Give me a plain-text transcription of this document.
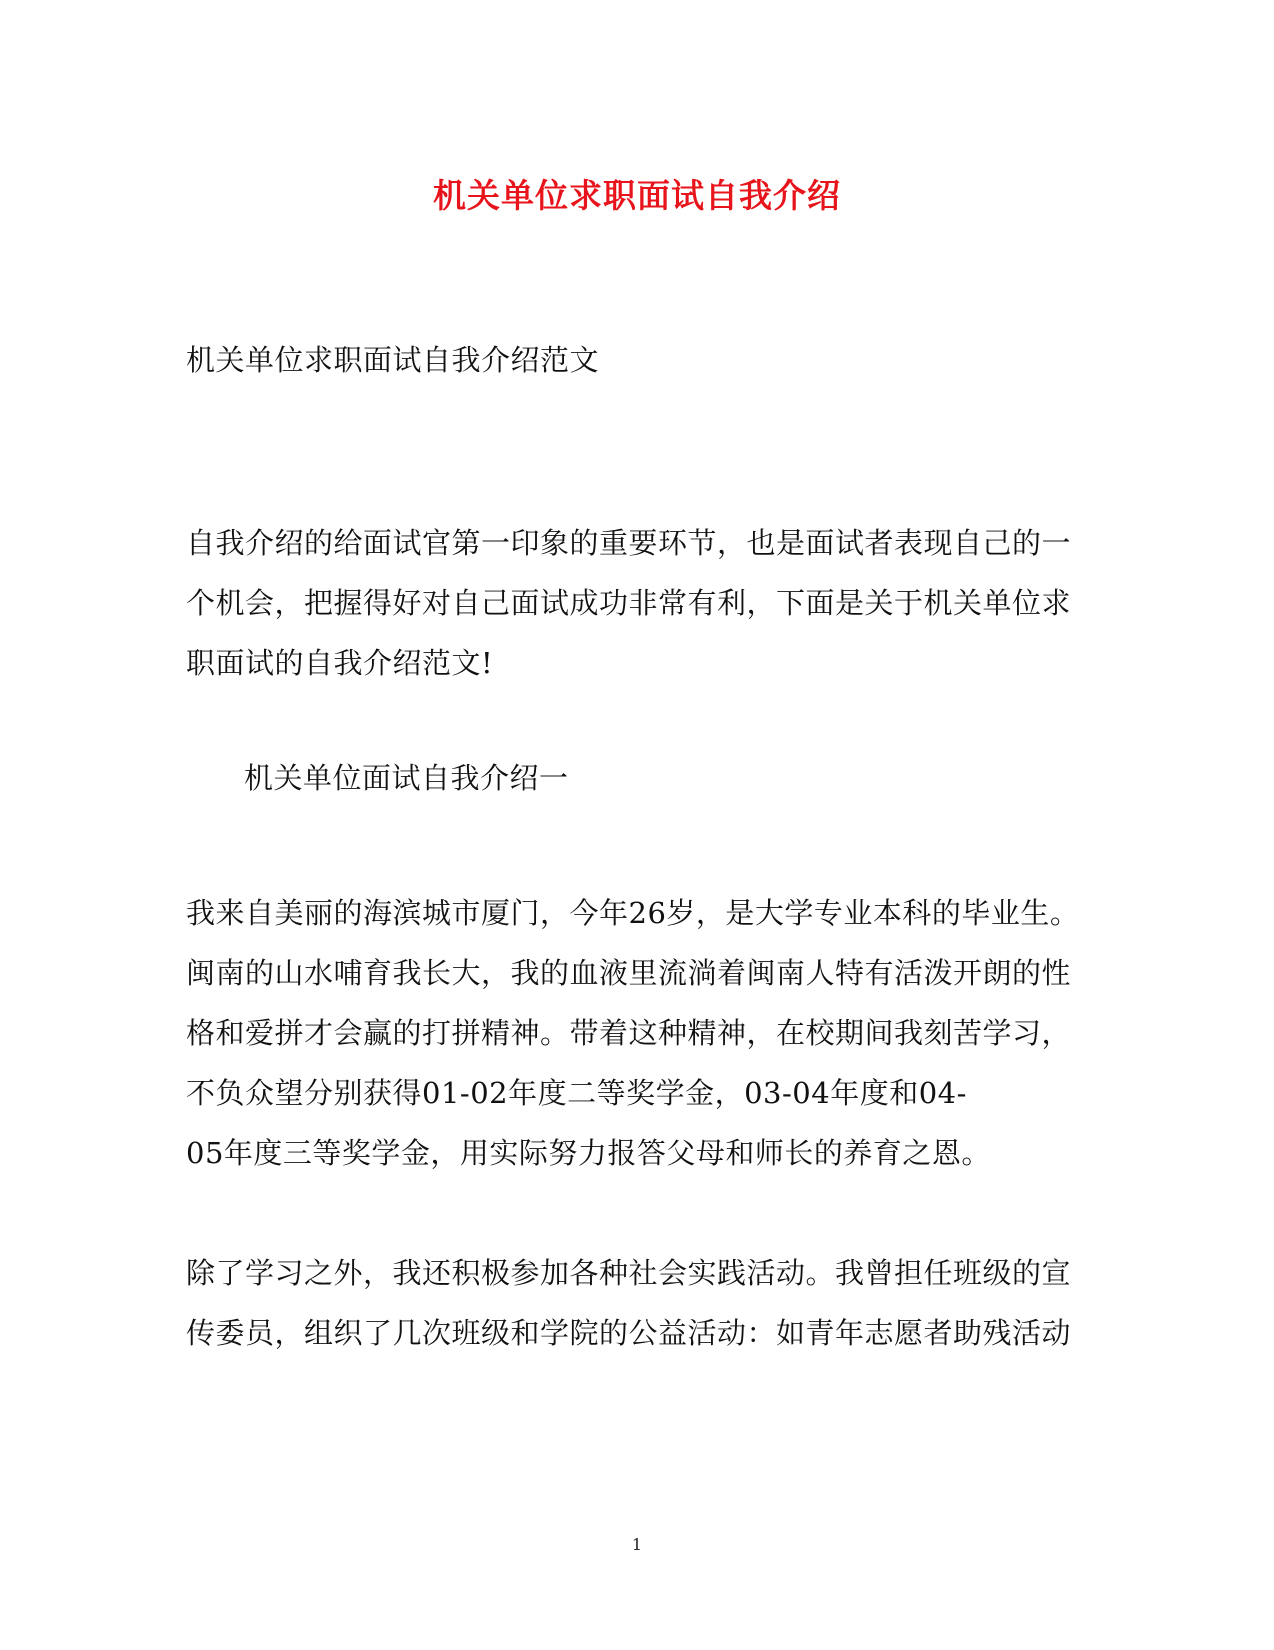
机关单位求职面试自我介绍
机关单位求职面试自我介绍范文
自我介绍的给面试官第一印象的重要环节，也是面试者表现自己的一
个机会，把握得好对自己面试成功非常有利，下面是关于机关单位求
职面试的自我介绍范文!
机关单位面试自我介绍一
我来自美丽的海滨城市厦门，今年26岁，是大学专业本科的毕业生。
闽南的山水哺育我长大，我的血液里流淌着闽南人特有活泼开朗的性
格和爱拼才会赢的打拼精神。带着这种精神，在校期间我刻苦学习，
不负众望分别获得01-02年度二等奖学金，03-04年度和04-
05年度三等奖学金，用实际努力报答父母和师长的养育之恩。
除了学习之外，我还积极参加各种社会实践活动。我曾担任班级的宣
传委员，组织了几次班级和学院的公益活动：如青年志愿者助残活动
1
